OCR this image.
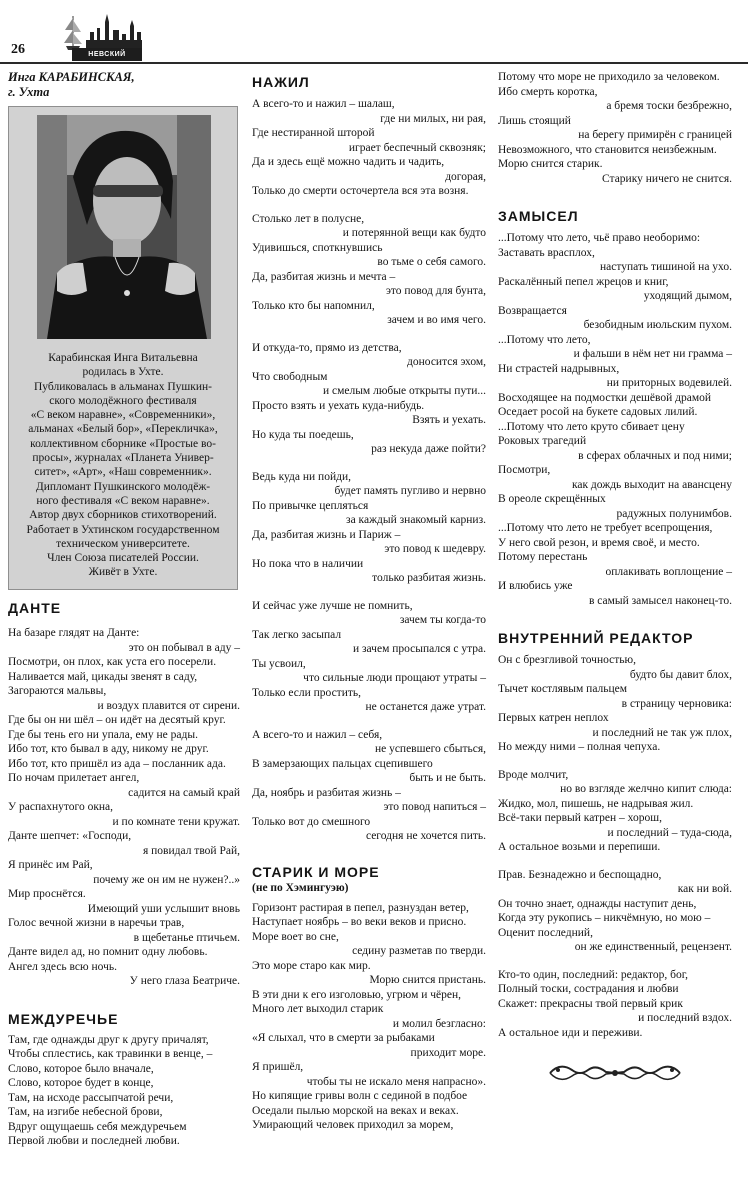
26	НЕВСКИЙ АЛЬМАНАХ
Инга КАРАБИНСКАЯ,
г. Ухта

Карабинская Инга Витальевна

родилась в Ухте.

Публиковалась в альманах Пушкин-

ского молодёжного фестиваля

«С веком наравне», «Современники»,

альманах «Белый бор», «Перекличка»,

коллективном сборнике «Простые во-

просы», журналах «Планета Универ-

ситет», «Арт», «Наш современник».

Дипломант Пушкинского молодёж-

ного фестиваля «С веком наравне».

Автор двух сборников стихотворений.

Работает в Ухтинском государственном

техническом университете.

Член Союза писателей России.

Живёт в Ухте.

ДАНТЕ
На базаре глядят на Данте:
это он побывал в аду –
Посмотри, он плох, как уста его посерели.
Наливается май, цикады звенят в саду,
Загораются мальвы,
и воздух плавится от сирени.
Где бы он ни шёл – он идёт на десятый круг.
Где бы тень его ни упала, ему не рады.
Ибо тот, кто бывал в аду, никому не друг.
Ибо тот, кто пришёл из ада – посланник ада.
По ночам прилетает ангел,
садится на самый край
У распахнутого окна,
и по комнате тени кружат.
Данте шепчет: «Господи,
я повидал твой Рай,
Я принёс им Рай,
почему же он им не нужен?..»
Мир проснётся.
Имеющий уши услышит вновь
Голос вечной жизни в наречьи трав,
в щебетанье птичьем.
Данте видел ад, но помнит одну любовь.
Ангел здесь всю ночь.
У него глаза Беатриче.
МЕЖДУРЕЧЬЕ
Там, где однажды друг к другу причалят,
Чтобы сплестись, как травинки в венце, –
Слово, которое было вначале,
Слово, которое будет в конце,
Там, на исходе рассыпчатой речи,
Там, на изгибе небесной брови,
Вдруг ощущаешь себя междуречьем
Первой любви и последней любви.
НАЖИЛ
А всего-то и нажил – шалаш,
где ни милых, ни рая,
Где нестиранной шторой
играет беспечный сквозняк;
Да и здесь ещё можно чадить и чадить,
догорая,
Только до смерти осточертела вся эта возня.
Столько лет в полусне,
и потерянной вещи как будто
Удивишься, споткнувшись
во тьме о себя самого.
Да, разбитая жизнь и мечта –
это повод для бунта,
Только кто бы напомнил,
зачем и во имя чего.
И откуда-то, прямо из детства,
доносится эхом,
Что свободным
и смелым любые открыты пути...
Просто взять и уехать куда-нибудь.
Взять и уехать.
Но куда ты поедешь,
раз некуда даже пойти?
Ведь куда ни пойди,
будет память пугливо и нервно
По привычке цепляться
за каждый знакомый карниз.
Да, разбитая жизнь и Париж –
это повод к шедевру.
Но пока что в наличии
только разбитая жизнь.
И сейчас уже лучше не помнить,
зачем ты когда-то
Так легко засыпал
и зачем просыпался с утра.
Ты усвоил,
что сильные люди прощают утраты –
Только если простить,
не останется даже утрат.
А всего-то и нажил – себя,
не успевшего сбыться,
В замерзающих пальцах сцепившего
быть и не быть.
Да, ноябрь и разбитая жизнь –
это повод напиться –
Только вот до смешного
сегодня не хочется пить.
СТАРИК И МОРЕ
(не по Хэмингуэю)
Горизонт растирая в пепел, разнуздан ветер,
Наступает ноябрь – во веки веков и присно.
Море воет во сне,
седину разметав по тверди.
Это море старо как мир.
Морю снится пристань.
В эти дни к его изголовью, угрюм и чёрен,
Много лет выходил старик
и молил безгласно:
«Я слыхал, что в смерти за рыбаками
приходит море.
Я пришёл,
чтобы ты не искало меня напрасно».
Но кипящие гривы волн с сединой в подбое
Оседали пылью морской на веках и веках.
Умирающий человек приходил за морем,
Потому что море не приходило за человеком.
Ибо смерть коротка,
а бремя тоски безбрежно,
Лишь стоящий
на берегу примирён с границей
Невозможного, что становится неизбежным.
Морю снится старик.
Старику ничего не снится.
ЗАМЫСЕЛ
...Потому что лето, чьё право необоримо:
Заставать врасплох,
наступать тишиной на ухо.
Раскалённый пепел жрецов и книг,
уходящий дымом,
Возвращается
безобидным июльским пухом.
...Потому что лето,
и фальши в нём нет ни грамма –
Ни страстей надрывных,
ни приторных водевилей.
Восходящее на подмостки дешёвой драмой
Оседает росой на букете садовых лилий.
...Потому что лето круто сбивает цену
Роковых трагедий
в сферах облачных и под ними;
Посмотри,
как дождь выходит на авансцену
В ореоле скрещённых
радужных полунимбов.
...Потому что лето не требует всепрощения,
У него свой резон, и время своё, и место.
Потому перестань
оплакивать воплощение –
И влюбись уже
в самый замысел наконец-то.
ВНУТРЕННИЙ РЕДАКТОР
Он с брезгливой точностью,
будто бы давит блох,
Тычет костлявым пальцем
в страницу черновика:
Первых катрен неплох
и последний не так уж плох,
Но между ними – полная чепуха.
Вроде молчит,
но во взгляде желчно кипит слюда:
Жидко, мол, пишешь, не надрывая жил.
Всё-таки первый катрен – хорош,
и последний – туда-сюда,
А остальное возьми и перепиши.
Прав. Безнадежно и беспощадно,
как ни вой.
Он точно знает, однажды наступит день,
Когда эту рукопись – никчёмную, но мою –
Оценит последний,
он же единственный, рецензент.
Кто-то один, последний: редактор, бог,
Полный тоски, сострадания и любви
Скажет: прекрасны твой первый крик
и последний вздох.
А остальное иди и переживи.
